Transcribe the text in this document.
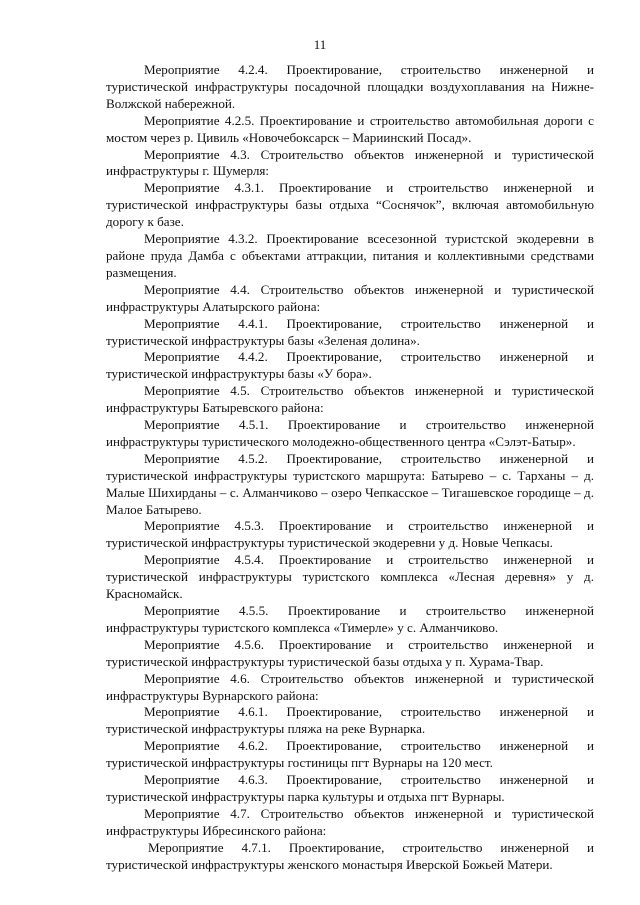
11

Мероприятие 4.2.4. Проектирование, строительство инженерной и туристической инфраструктуры посадочной площадки воздухоплавания на Нижне-Волжской набережной.

Мероприятие 4.2.5. Проектирование и строительство автомобильная дороги с мостом через р. Цивиль «Новочебоксарск – Мариинский Посад».

Мероприятие 4.3. Строительство объектов инженерной и туристической инфраструктуры г. Шумерля:

Мероприятие 4.3.1. Проектирование и строительство инженерной и туристической инфраструктуры базы отдыха “Соснячок”, включая автомобильную дорогу к базе.

Мероприятие 4.3.2. Проектирование всесезонной туристской экодеревни в районе пруда Дамба с объектами аттракции, питания и коллективными средствами размещения.

Мероприятие 4.4. Строительство объектов инженерной и туристической инфраструктуры Алатырского района:

Мероприятие 4.4.1. Проектирование, строительство инженерной и туристической инфраструктуры базы «Зеленая долина».

Мероприятие 4.4.2. Проектирование, строительство инженерной и туристической инфраструктуры базы «У бора».

Мероприятие 4.5. Строительство объектов инженерной и туристической инфраструктуры Батыревского района:

Мероприятие 4.5.1. Проектирование и строительство инженерной инфраструктуры туристического молодежно-общественного центра «Сэлэт-Батыр».

Мероприятие 4.5.2. Проектирование, строительство инженерной и туристической инфраструктуры туристского маршрута: Батырево – с. Тарханы – д. Малые Шихирданы – с. Алманчиково – озеро Чепкасское – Тигашевское городище – д. Малое Батырево.

Мероприятие 4.5.3. Проектирование и строительство инженерной и туристической инфраструктуры туристической экодеревни у д. Новые Чепкасы.

Мероприятие 4.5.4. Проектирование и строительство инженерной и туристической инфраструктуры туристского комплекса «Лесная деревня» у д. Красномайск.

Мероприятие 4.5.5. Проектирование и строительство инженерной инфраструктуры туристского комплекса «Тимерле» у с. Алманчиково.

Мероприятие 4.5.6. Проектирование и строительство инженерной и туристической инфраструктуры туристической базы отдыха у п. Хурама-Твар.

Мероприятие 4.6. Строительство объектов инженерной и туристической инфраструктуры Вурнарского района:

Мероприятие 4.6.1. Проектирование, строительство инженерной и туристической инфраструктуры пляжа на реке Вурнарка.

Мероприятие 4.6.2. Проектирование, строительство инженерной и туристической инфраструктуры гостиницы пгт Вурнары на 120 мест.

Мероприятие 4.6.3. Проектирование, строительство инженерной и туристической инфраструктуры парка культуры и отдыха пгт Вурнары.

Мероприятие 4.7. Строительство объектов инженерной и туристической инфраструктуры Ибресинского района:

Мероприятие 4.7.1. Проектирование, строительство инженерной и туристической инфраструктуры женского монастыря Иверской Божьей Матери.
